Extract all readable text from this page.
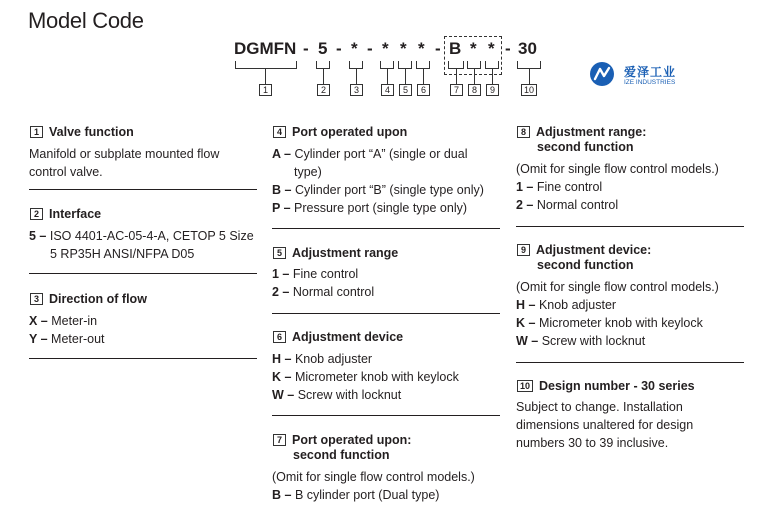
Model Code
DGMFN - 5 - * - * * * - B * * - 30
1	2	3	4	5	6	7	8	9	10
爱泽工业
IZE INDUSTRIES
1 Valve function
Manifold or subplate mounted flow
control valve.
2 Interface
5 – ISO 4401-AC-05-4-A, CETOP 5 Size
5 RP35H ANSI/NFPA D05
3 Direction of flow
X – Meter-in
Y – Meter-out
4 Port operated upon
A – Cylinder port “A” (single or dual
type)
B – Cylinder port “B” (single type only)
P – Pressure port (single type only)
5 Adjustment range
1 – Fine control
2 – Normal control
6 Adjustment device
H – Knob adjuster
K – Micrometer knob with keylock
W – Screw with locknut
7 Port operated upon:
second function
(Omit for single flow control models.)
B – B cylinder port (Dual type)
8 Adjustment range:
second function
(Omit for single flow control models.)
1 – Fine control
2 – Normal control
9 Adjustment device:
second function
(Omit for single flow control models.)
H – Knob adjuster
K – Micrometer knob with keylock
W – Screw with locknut
10 Design number - 30 series
Subject to change. Installation
dimensions unaltered for design
numbers 30 to 39 inclusive.
